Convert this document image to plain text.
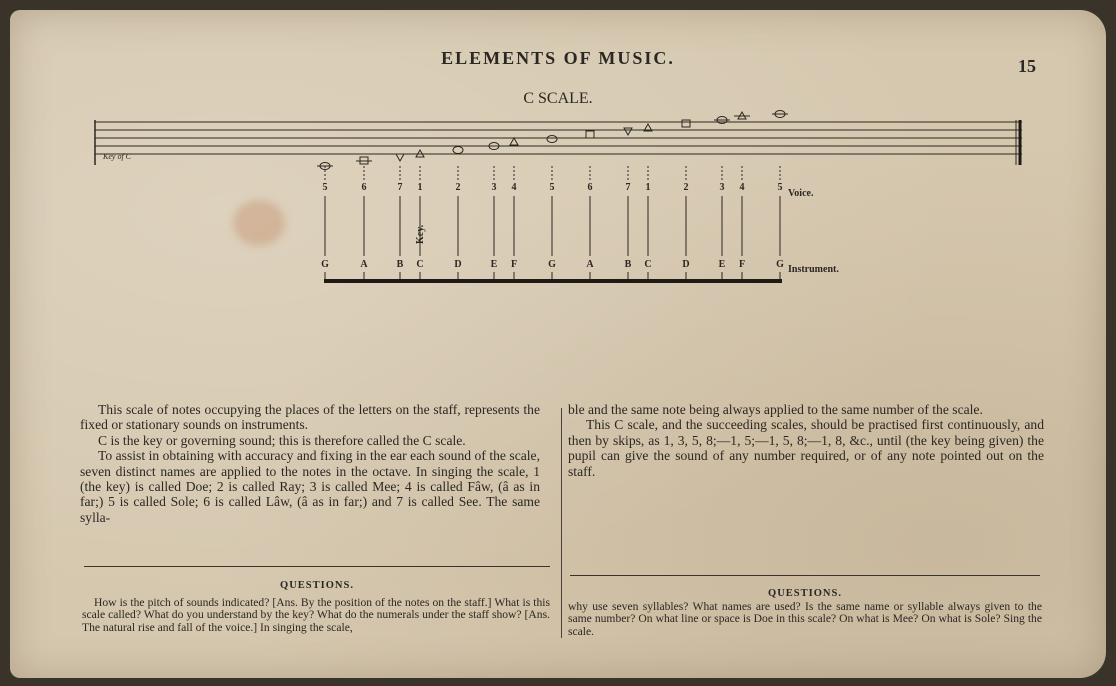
ELEMENTS OF MUSIC.	15
C SCALE.
Key of C
5	6	7 1	2	3 4	5	6	7 1	2	3 4	5
G	A	B C	D	E F	G	A	B C	D	E F	G
Voice.
Instrument.
Key.

This scale of notes occupying the places of the letters on the staff, represents the fixed or stationary sounds on instruments.

C is the key or governing sound; this is therefore called the C scale.

To assist in obtaining with accuracy and fixing in the ear each sound of the scale, seven distinct names are applied to the notes in the octave. In singing the scale, 1 (the key) is called Doe; 2 is called Ray; 3 is called Mee; 4 is called Fâw, (â as in far;) 5 is called Sole; 6 is called Lâw, (â as in far;) and 7 is called See. The same sylla-

ble and the same note being always applied to the same number of the scale.

This C scale, and the succeeding scales, should be practised first continuously, and then by skips, as 1, 3, 5, 8;—1, 5;—1, 5, 8;—1, 8, &c., until (the key being given) the pupil can give the sound of any number required, or of any note pointed out on the staff.

QUESTIONS.
QUESTIONS.

How is the pitch of sounds indicated? [Ans. By the position of the notes on the staff.] What is this scale called? What do you understand by the key? What do the numerals under the staff show? [Ans. The natural rise and fall of the voice.] In singing the scale,

why use seven syllables? What names are used? Is the same name or syllable always given to the same number? On what line or space is Doe in this scale? On what is Mee? On what is Sole? Sing the scale.
